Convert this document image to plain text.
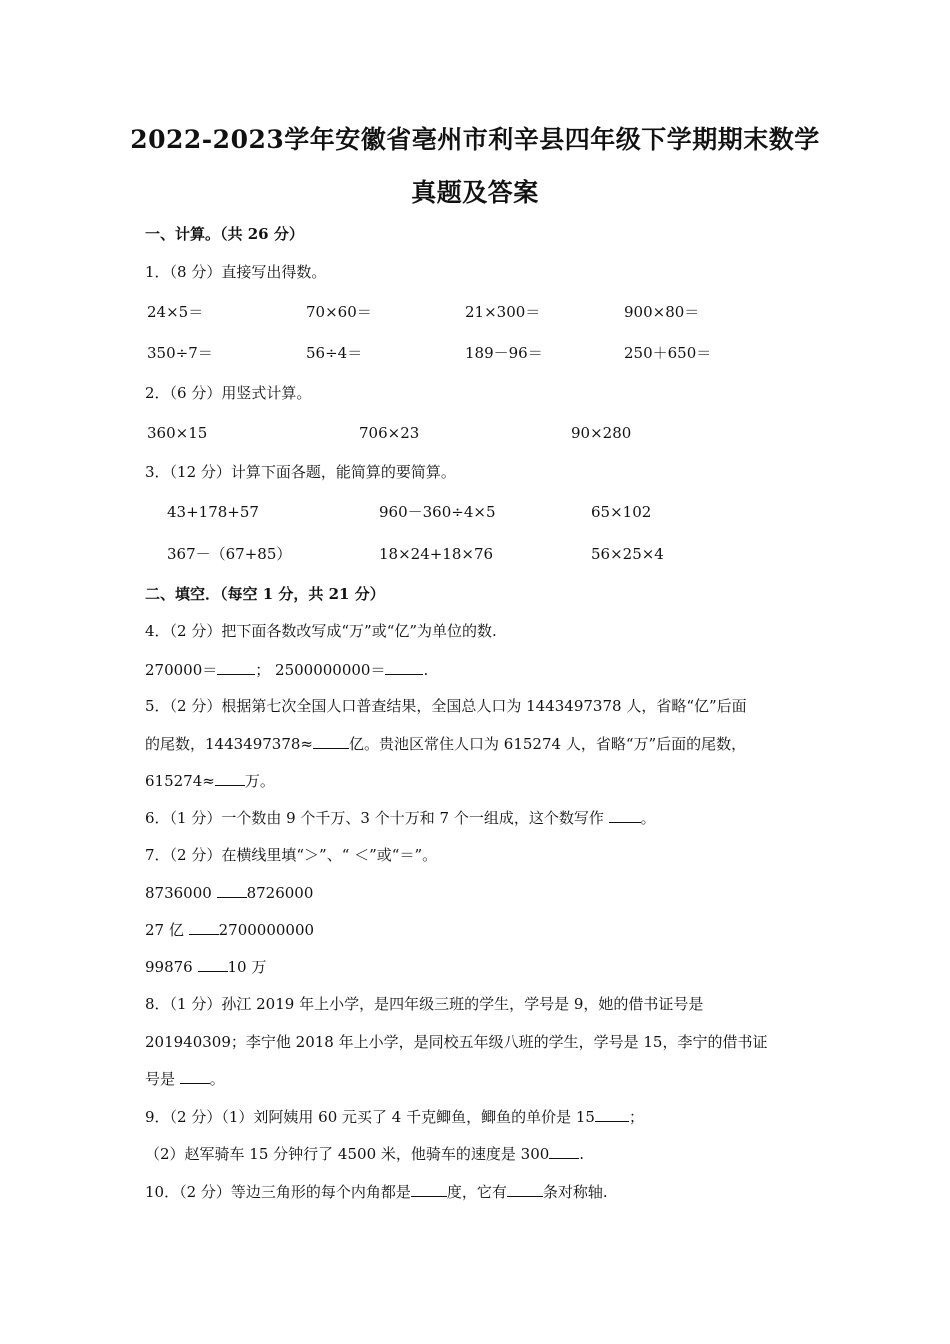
2022-2023学年安徽省亳州市利辛县四年级下学期期末数学
真题及答案
一、计算。（共 26 分）
1．（8 分）直接写出得数。
24×5＝	70×60＝	21×300＝	900×80＝
350÷7＝	56÷4＝	189－96＝	250＋650＝
2．（6 分）用竖式计算。
360×15	706×23	90×280
3．（12 分）计算下面各题，能简算的要简算。
43+178+57	960－360÷4×5	65×102
367－（67+85）	18×24+18×76	56×25×4
二、填空．（每空 1 分，共 21 分）
4．（2 分）把下面各数改写成“万”或“亿”为单位的数.
270000＝	； 2500000000＝	.
5．（2 分）根据第七次全国人口普查结果，全国总人口为 1443497378 人，省略“亿”后面
的尾数，1443497378≈ 亿。贵池区常住人口为 615274 人，省略“万”后面的尾数，
615274≈ 万。
6．（1 分）一个数由 9 个千万、3 个十万和 7 个一组成，这个数写作 。
7．（2 分）在横线里填“＞”、“ ＜”或“＝”。
8736000 8726000
27 亿 2700000000
99876 10 万
8．（1 分）孙江 2019 年上小学，是四年级三班的学生，学号是 9，她的借书证号是
201940309；李宁他 2018 年上小学，是同校五年级八班的学生，学号是 15，李宁的借书证
号是 。
9．（2 分）（1）刘阿姨用 60 元买了 4 千克鲫鱼，鲫鱼的单价是 15 ；
（2）赵军骑车 15 分钟行了 4500 米，他骑车的速度是 300 .
10．（2 分）等边三角形的每个内角都是 度，它有 条对称轴.
